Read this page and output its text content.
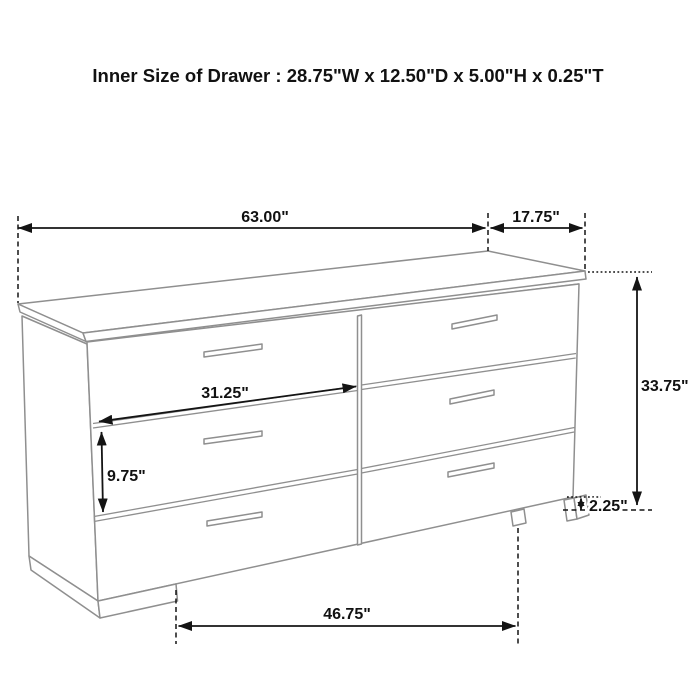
63.00"	17.75"
33.75"
2.25"
31.25"
9.75"
46.75"
Inner Size of Drawer : 28.75"W x 12.50"D x 5.00"H x 0.25"T
